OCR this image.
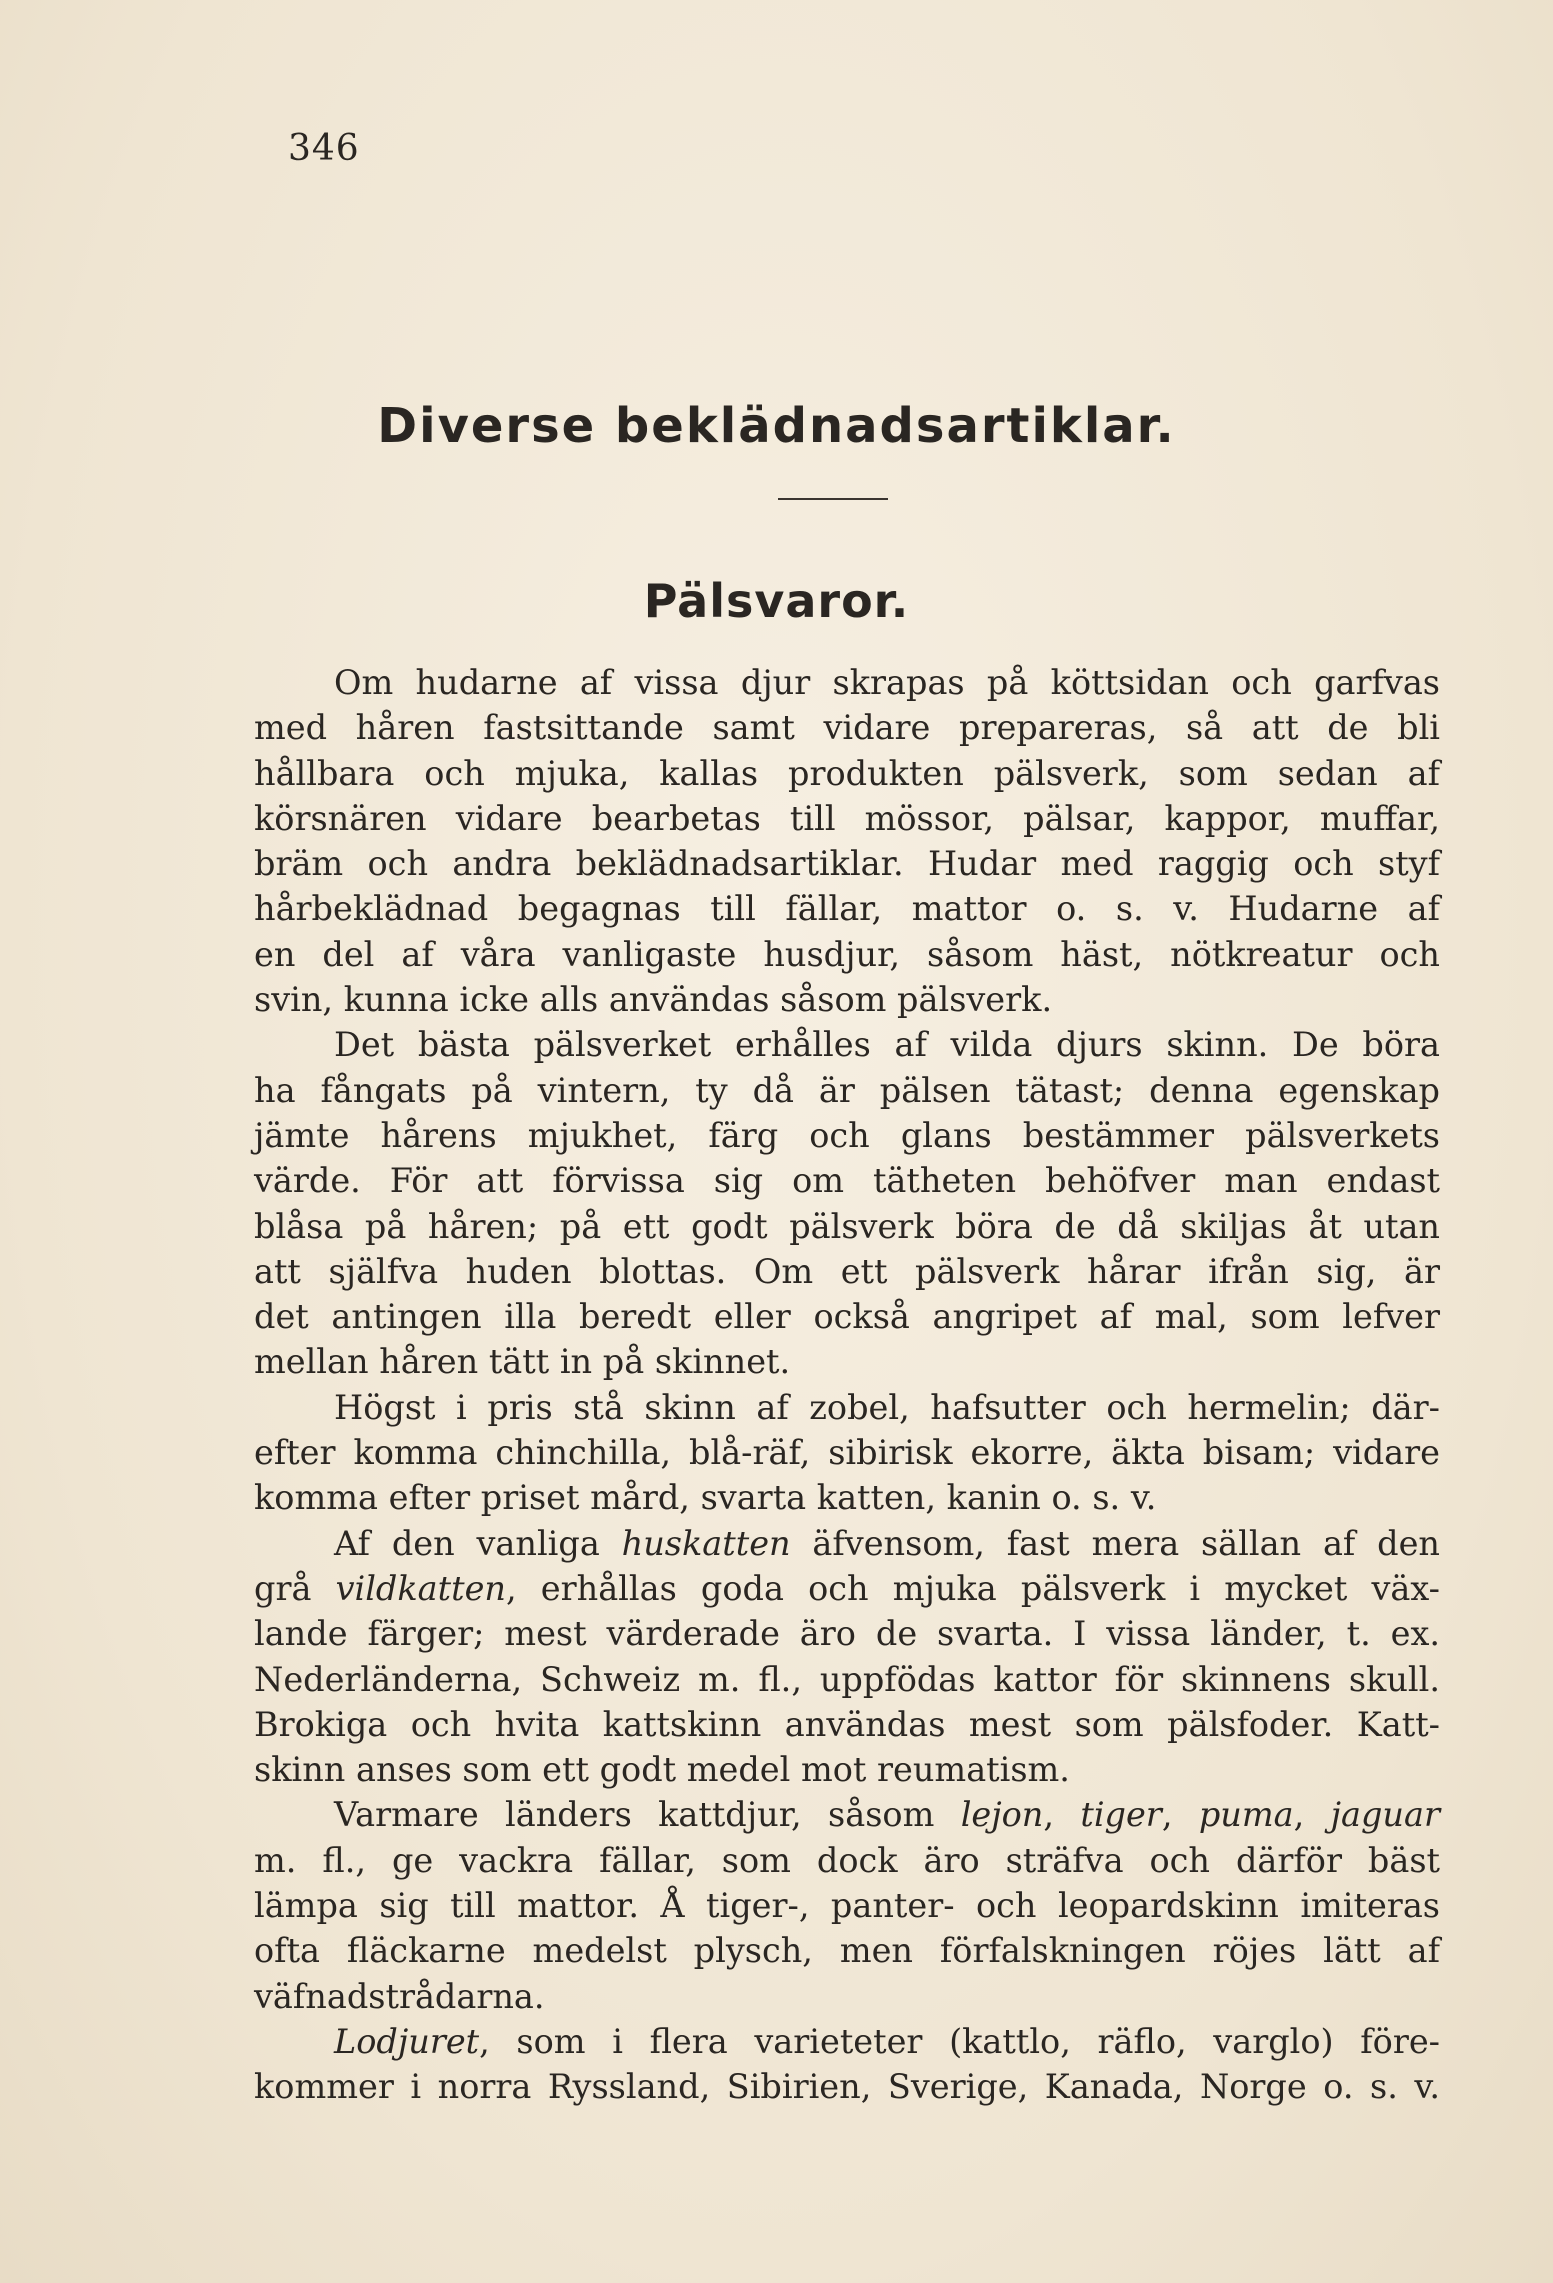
346
Diverse beklädnadsartiklar.
Pälsvaror.
Om hudarne af vissa djur skrapas på köttsidan och garfvas
med håren fastsittande samt vidare prepareras, så att de bli
hållbara och mjuka, kallas produkten pälsverk, som sedan af
körsnären vidare bearbetas till mössor, pälsar, kappor, muffar,
bräm och andra beklädnadsartiklar. Hudar med raggig och styf
hårbeklädnad begagnas till fällar, mattor o. s. v. Hudarne af
en del af våra vanligaste husdjur, såsom häst, nötkreatur och
svin, kunna icke alls användas såsom pälsverk.
Det bästa pälsverket erhålles af vilda djurs skinn. De böra
ha fångats på vintern, ty då är pälsen tätast; denna egenskap
jämte hårens mjukhet, färg och glans bestämmer pälsverkets
värde. För att förvissa sig om tätheten behöfver man endast
blåsa på håren; på ett godt pälsverk böra de då skiljas åt utan
att själfva huden blottas. Om ett pälsverk hårar ifrån sig, är
det antingen illa beredt eller också angripet af mal, som lefver
mellan håren tätt in på skinnet.
Högst i pris stå skinn af zobel, hafsutter och hermelin; där-
efter komma chinchilla, blå-räf, sibirisk ekorre, äkta bisam; vidare
komma efter priset mård, svarta katten, kanin o. s. v.
Af den vanliga huskatten äfvensom, fast mera sällan af den
grå vildkatten, erhållas goda och mjuka pälsverk i mycket väx-
lande färger; mest värderade äro de svarta. I vissa länder, t. ex.
Nederländerna, Schweiz m. fl., uppfödas kattor för skinnens skull.
Brokiga och hvita kattskinn användas mest som pälsfoder. Katt-
skinn anses som ett godt medel mot reumatism.
Varmare länders kattdjur, såsom lejon, tiger, puma, jaguar
m. fl., ge vackra fällar, som dock äro sträfva och därför bäst
lämpa sig till mattor. Å tiger-, panter- och leopardskinn imiteras
ofta fläckarne medelst plysch, men förfalskningen röjes lätt af
väfnadstrådarna.
Lodjuret, som i flera varieteter (kattlo, räflo, varglo) före-
kommer i norra Ryssland, Sibirien, Sverige, Kanada, Norge o. s. v.
